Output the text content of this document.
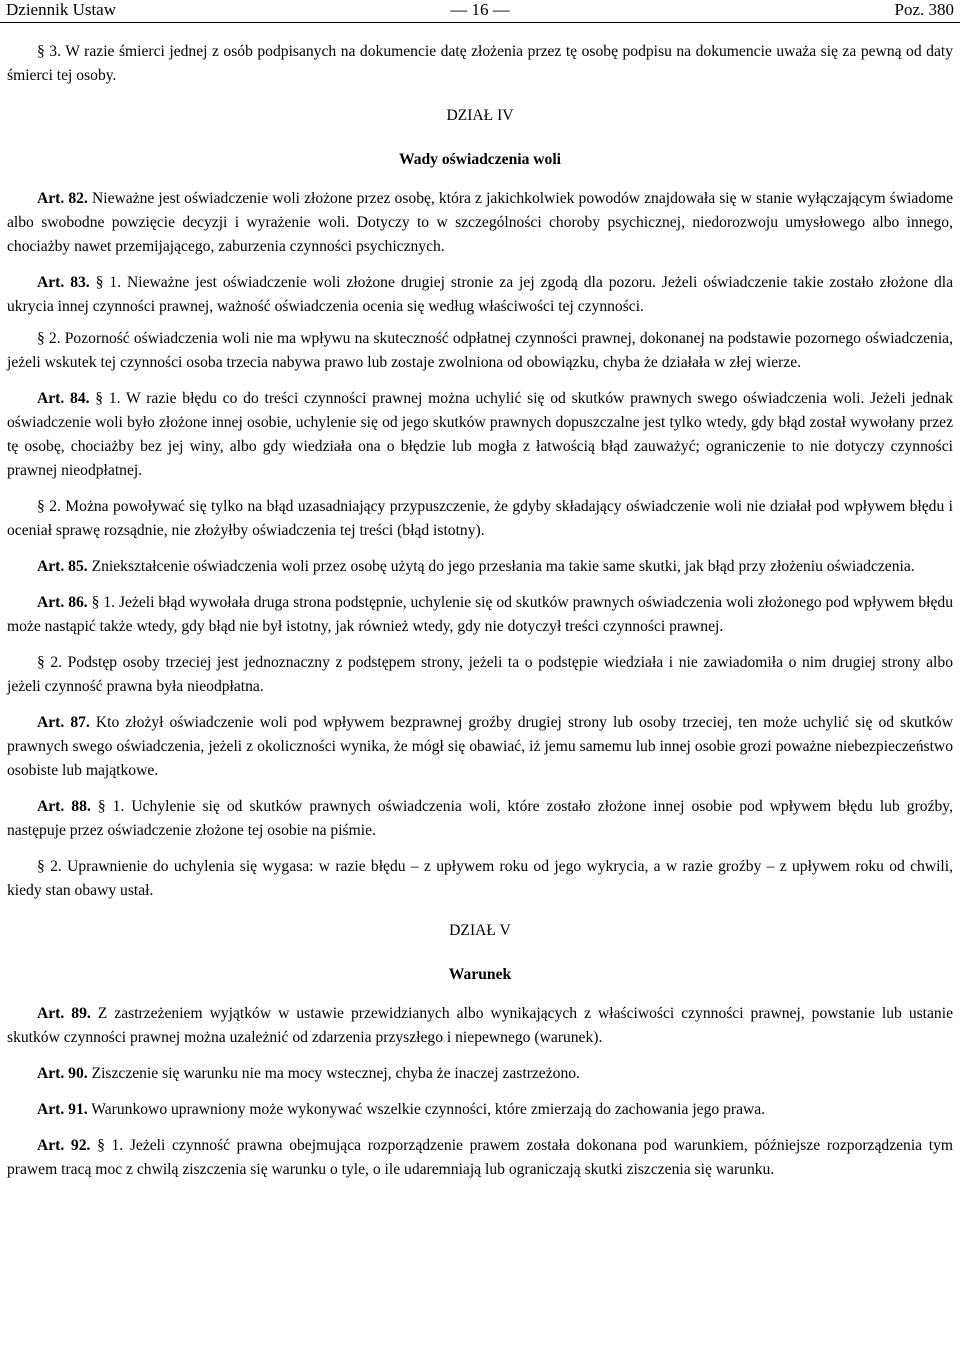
Dziennik Ustaw	— 16 —	Poz. 380

§ 3. W razie śmierci jednej z osób podpisanych na dokumencie datę złożenia przez tę osobę podpisu na dokumencie uważa się za pewną od daty śmierci tej osoby.

DZIAŁ IV

Wady oświadczenia woli

Art. 82. Nieważne jest oświadczenie woli złożone przez osobę, która z jakichkolwiek powodów znajdowała się w stanie wyłączającym świadome albo swobodne powzięcie decyzji i wyrażenie woli. Dotyczy to w szczególności choroby psychicznej, niedorozwoju umysłowego albo innego, chociażby nawet przemijającego, zaburzenia czynności psychicznych.

Art. 83. § 1. Nieważne jest oświadczenie woli złożone drugiej stronie za jej zgodą dla pozoru. Jeżeli oświadczenie takie zostało złożone dla ukrycia innej czynności prawnej, ważność oświadczenia ocenia się według właściwości tej czynności.

§ 2. Pozorność oświadczenia woli nie ma wpływu na skuteczność odpłatnej czynności prawnej, dokonanej na podstawie pozornego oświadczenia, jeżeli wskutek tej czynności osoba trzecia nabywa prawo lub zostaje zwolniona od obowiązku, chyba że działała w złej wierze.

Art. 84. § 1. W razie błędu co do treści czynności prawnej można uchylić się od skutków prawnych swego oświadczenia woli. Jeżeli jednak oświadczenie woli było złożone innej osobie, uchylenie się od jego skutków prawnych dopuszczalne jest tylko wtedy, gdy błąd został wywołany przez tę osobę, chociażby bez jej winy, albo gdy wiedziała ona o błędzie lub mogła z łatwością błąd zauważyć; ograniczenie to nie dotyczy czynności prawnej nieodpłatnej.

§ 2. Można powoływać się tylko na błąd uzasadniający przypuszczenie, że gdyby składający oświadczenie woli nie działał pod wpływem błędu i oceniał sprawę rozsądnie, nie złożyłby oświadczenia tej treści (błąd istotny).

Art. 85. Zniekształcenie oświadczenia woli przez osobę użytą do jego przesłania ma takie same skutki, jak błąd przy złożeniu oświadczenia.

Art. 86. § 1. Jeżeli błąd wywołała druga strona podstępnie, uchylenie się od skutków prawnych oświadczenia woli złożonego pod wpływem błędu może nastąpić także wtedy, gdy błąd nie był istotny, jak również wtedy, gdy nie dotyczył treści czynności prawnej.

§ 2. Podstęp osoby trzeciej jest jednoznaczny z podstępem strony, jeżeli ta o podstępie wiedziała i nie zawiadomiła o nim drugiej strony albo jeżeli czynność prawna była nieodpłatna.

Art. 87. Kto złożył oświadczenie woli pod wpływem bezprawnej groźby drugiej strony lub osoby trzeciej, ten może uchylić się od skutków prawnych swego oświadczenia, jeżeli z okoliczności wynika, że mógł się obawiać, iż jemu samemu lub innej osobie grozi poważne niebezpieczeństwo osobiste lub majątkowe.

Art. 88. § 1. Uchylenie się od skutków prawnych oświadczenia woli, które zostało złożone innej osobie pod wpływem błędu lub groźby, następuje przez oświadczenie złożone tej osobie na piśmie.

§ 2. Uprawnienie do uchylenia się wygasa: w razie błędu – z upływem roku od jego wykrycia, a w razie groźby – z upływem roku od chwili, kiedy stan obawy ustał.

DZIAŁ V

Warunek

Art. 89. Z zastrzeżeniem wyjątków w ustawie przewidzianych albo wynikających z właściwości czynności prawnej, powstanie lub ustanie skutków czynności prawnej można uzależnić od zdarzenia przyszłego i niepewnego (warunek).

Art. 90. Ziszczenie się warunku nie ma mocy wstecznej, chyba że inaczej zastrzeżono.

Art. 91. Warunkowo uprawniony może wykonywać wszelkie czynności, które zmierzają do zachowania jego prawa.

Art. 92. § 1. Jeżeli czynność prawna obejmująca rozporządzenie prawem została dokonana pod warunkiem, późniejsze rozporządzenia tym prawem tracą moc z chwilą ziszczenia się warunku o tyle, o ile udaremniają lub ograniczają skutki ziszczenia się warunku.
